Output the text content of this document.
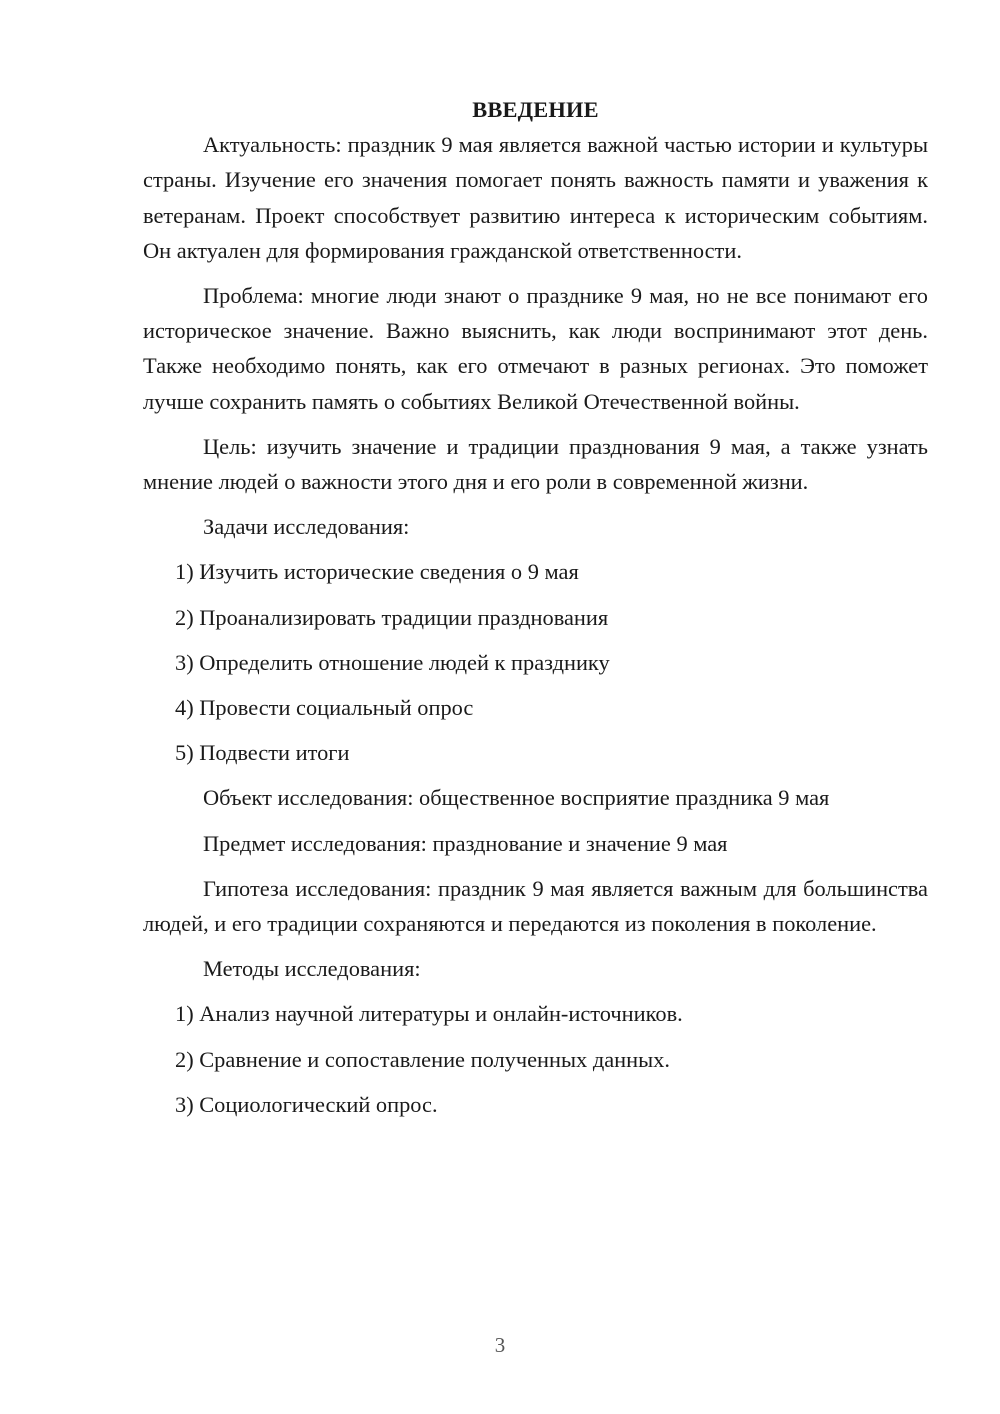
ВВЕДЕНИЕ

Актуальность: праздник 9 мая является важной частью истории и культуры страны. Изучение его значения помогает понять важность памяти и уважения к ветеранам. Проект способствует развитию интереса к историческим событиям. Он актуален для формирования гражданской ответственности.

Проблема: многие люди знают о празднике 9 мая, но не все понимают его историческое значение. Важно выяснить, как люди воспринимают этот день. Также необходимо понять, как его отмечают в разных регионах. Это поможет лучше сохранить память о событиях Великой Отечественной войны.

Цель: изучить значение и традиции празднования 9 мая, а также узнать мнение людей о важности этого дня и его роли в современной жизни.

Задачи исследования:

1) Изучить исторические сведения о 9 мая

2) Проанализировать традиции празднования

3) Определить отношение людей к празднику

4) Провести социальный опрос

5) Подвести итоги

Объект исследования: общественное восприятие праздника 9 мая

Предмет исследования: празднование и значение 9 мая

Гипотеза исследования: праздник 9 мая является важным для большинства людей, и его традиции сохраняются и передаются из поколения в поколение.

Методы исследования:

1) Анализ научной литературы и онлайн-источников.

2) Сравнение и сопоставление полученных данных.

3) Социологический опрос.

3
